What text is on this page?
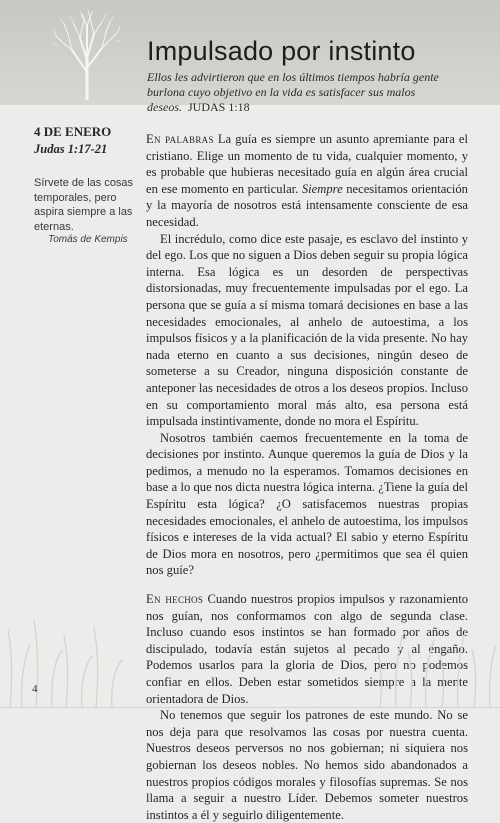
Impulsado por instinto
Ellos les advirtieron que en los últimos tiempos habría gente burlona cuyo objetivo en la vida es satisfacer sus malos deseos. JUDAS 1:18
4 DE ENERO
Judas 1:17-21
Sírvete de las cosas temporales, pero aspira siempre a las eternas.
Tomás de Kempis

En palabras La guía es siempre un asunto apremiante para el cristiano. Elige un momento de tu vida, cualquier momento, y es probable que hubieras necesitado guía en algún área crucial en ese momento en particular. Siempre necesitamos orientación y la mayoría de nosotros está intensamente consciente de esa necesidad.

El incrédulo, como dice este pasaje, es esclavo del instinto y del ego. Los que no siguen a Dios deben seguir su propia lógica interna. Esa lógica es un desorden de perspectivas distorsionadas, muy frecuentemente impulsadas por el ego. La persona que se guía a sí misma tomará decisiones en base a las necesidades emocionales, al anhelo de autoestima, a los impulsos físicos y a la planificación de la vida presente. No hay nada eterno en cuanto a sus decisiones, ningún deseo de someterse a su Creador, ninguna disposición constante de anteponer las necesidades de otros a los deseos propios. Incluso en su comportamiento moral más alto, esa persona está impulsada instintivamente, donde no mora el Espíritu.

Nosotros también caemos frecuentemente en la toma de decisiones por instinto. Aunque queremos la guía de Dios y la pedimos, a menudo no la esperamos. Tomamos decisiones en base a lo que nos dicta nuestra lógica interna. ¿Tiene la guía del Espíritu esta lógica? ¿O satisfacemos nuestras propias necesidades emocionales, el anhelo de autoestima, los impulsos físicos e intereses de la vida actual? El sabio y eterno Espíritu de Dios mora en nosotros, pero ¿permitimos que sea él quien nos guíe?

En hechos Cuando nuestros propios impulsos y razonamiento nos guían, nos conformamos con algo de segunda clase. Incluso cuando esos instintos se han formado por años de discipulado, todavía están sujetos al pecado y al engaño. Podemos usarlos para la gloria de Dios, pero no podemos confiar en ellos. Deben estar sometidos siempre a la mente orientadora de Dios.

No tenemos que seguir los patrones de este mundo. No se nos deja para que resolvamos las cosas por nuestra cuenta. Nuestros deseos perversos no nos gobiernan; ni siquiera nos gobiernan los deseos nobles. No hemos sido abandonados a nuestros propios códigos morales y filosofías supremas. Se nos llama a seguir a nuestro Líder. Debemos someter nuestros instintos a él y seguirlo diligentemente.

4
